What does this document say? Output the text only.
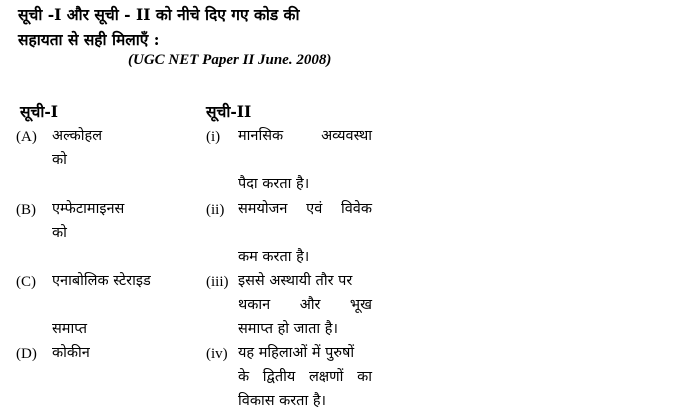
सूची -I और सूची - II को नीचे दिए गए कोड की
सहायता से सही मिलाएँ :
(UGC NET Paper II June. 2008)
सूची-I	सूची-II
(A) अल्कोहल
को
(B) एम्फेटामाइनस
को
(C) एनाबोलिक स्टेराइड
समाप्त
(D) कोकीन
(i) मानसिक	अव्यवस्था
पैदा करता है।
(ii) समयोजन एवं विवेक
कम करता है।
(iii) इससे अस्थायी तौर पर
थकान और भूख
समाप्त हो जाता है।
(iv) यह महिलाओं में पुरुषों
के द्वितीय लक्षणों का
विकास करता है।
